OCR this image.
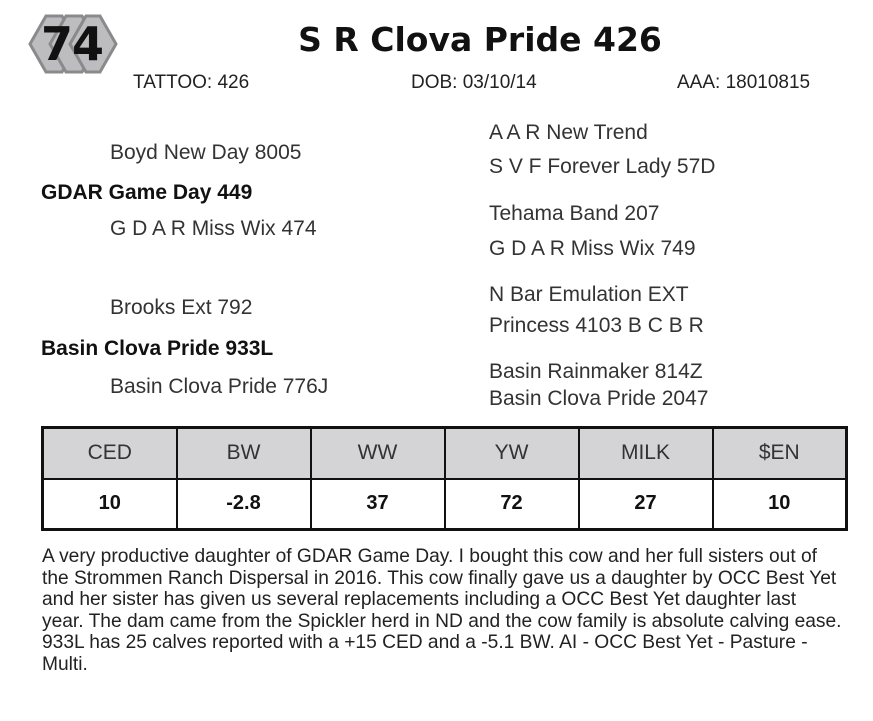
74	S R Clova Pride 426
TATTOO: 426	DOB: 03/10/14	AAA: 18010815
A A R New Trend
Boyd New Day 8005
S V F Forever Lady 57D
GDAR Game Day 449
Tehama Band 207
G D A R Miss Wix 474
G D A R Miss Wix 749
N Bar Emulation EXT
Brooks Ext 792
Princess 4103 B C B R
Basin Clova Pride 933L
Basin Rainmaker 814Z
Basin Clova Pride 776J
Basin Clova Pride 2047
CED	BW	WW	YW	MILK	$EN
10	-2.8	37	72	27	10
A very productive daughter of GDAR Game Day. I bought this cow and her full sisters out of the Strommen Ranch Dispersal in 2016. This cow finally gave us a daughter by OCC Best Yet and her sister has given us several replacements including a OCC Best Yet daughter last year. The dam came from the Spickler herd in ND and the cow family is absolute calving ease. 933L has 25 calves reported with a +15 CED and a -5.1 BW. AI - OCC Best Yet - Pasture - Multi.
